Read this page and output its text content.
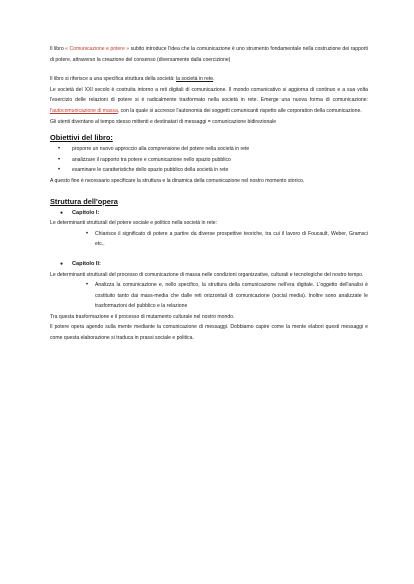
Il libro « Comunicazione e potere » subito introduce l'idea che la comunicazione è uno strumento fondamentale nella costruzione dei rapporti di potere, attraverso la creazione del consenso (diversamente dalla coercizione)

Il libro si riferisce a una specifica struttura della società: la società in rete.

Le società del XXI secolo è costruita intorno a reti digitali di comunicazione. Il mondo comunicativo si aggiorna di continuo e a sua volta l'esercizio delle relazioni di potere si è radicalmente trasformato nella società in rete. Emerge una nuova forma di comunicazione: l'autocomunicazione di massa, con la quale si accresce l'autonomia dei soggetti comunicanti rispetto alle corporation della comunicazione.

Gli utenti diventano al tempo stesso mittenti e destinatari di messaggi = comunicazione bidirezionale

Obiettivi del libro:
• proporre un nuovo approccio alla comprensione del potere nella società in rete
• analizzare il rapporto tra potere e comunicazione nello spazio pubblico
• esaminare le caratteristiche dello spazio pubblico della società in rete

A questo fine è necessario specificare la struttura e la dinamica della comunicazione nel nostro momento storico.

Struttura dell'opera
● Capitolo I:

Le determinanti strutturali del potere sociale e politico nella società in rete:

• Chiarisce il significato di potere a partire da diverse prospettive teoriche, tra cui il lavoro di Foucault, Weber, Gramsci etc..
● Capitolo II:

Le determinanti strutturali del processo di comunicazione di massa nelle condizioni organizzative, culturali e tecnologiche del nostro tempo.

• Analizza la comunicazione e, nello specifico, la struttura della comunicazione nell'era digitale. L'oggetto dell'analisi è costituito tanto dai mass-media che dalle reti orizzontali di comunicazione (social media). Inoltre sono analizzate le trasformazioni del pubblico e la relazione

Tra questa trasformazione e il processo di mutamento culturale nel nostro mondo.

Il potere opera agendo sulla mente mediante la comunicazione di messaggi. Dobbiamo capire come la mente elabori questi messaggi e come questa elaborazione si traduca in prassi sociale e politica.
